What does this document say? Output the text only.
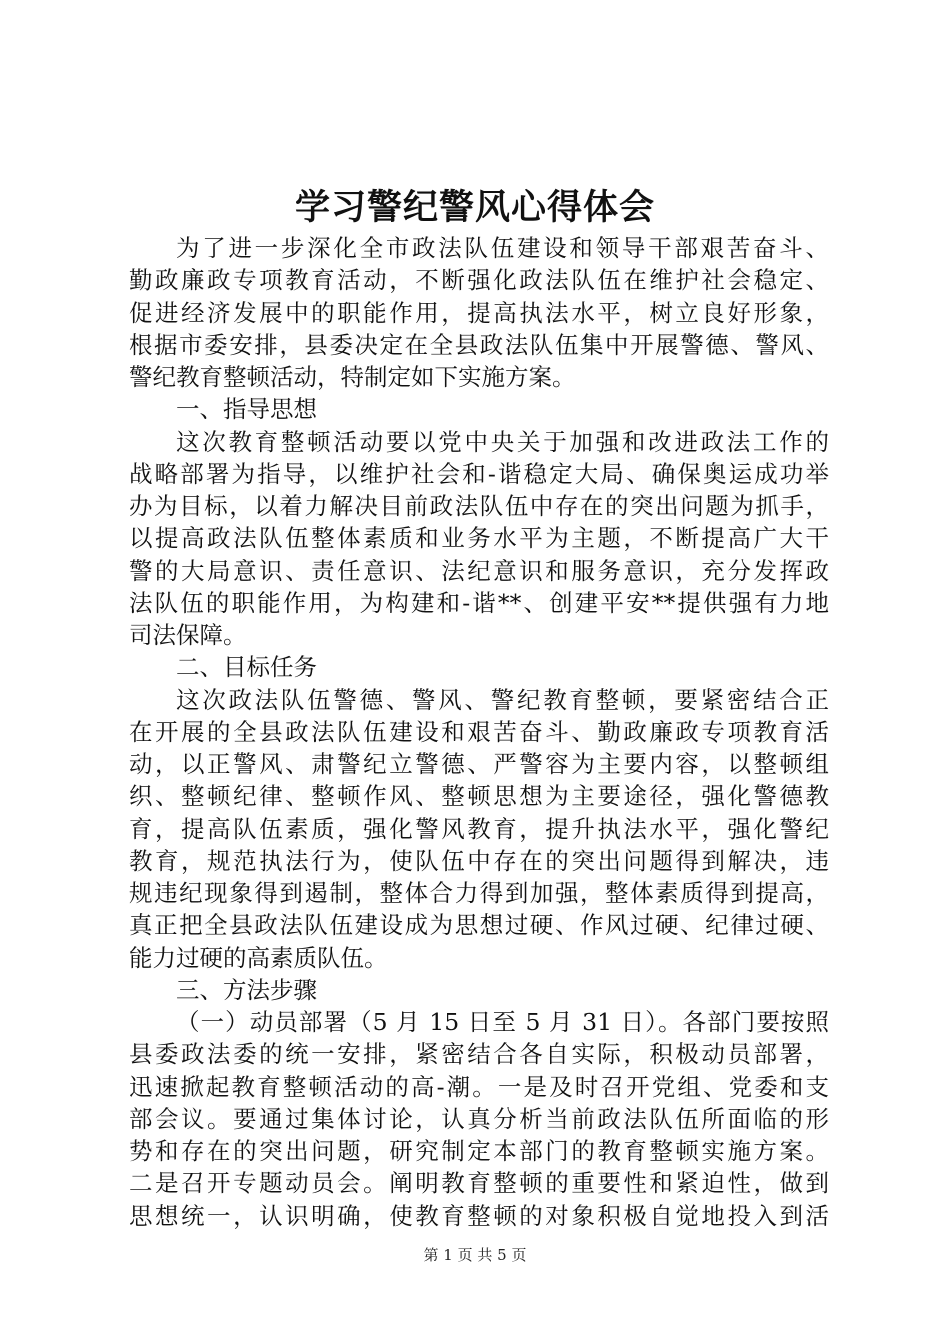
学习警纪警风心得体会
为了进一步深化全市政法队伍建设和领导干部艰苦奋斗、
勤政廉政专项教育活动，不断强化政法队伍在维护社会稳定、
促进经济发展中的职能作用，提高执法水平，树立良好形象，
根据市委安排，县委决定在全县政法队伍集中开展警德、警风、
警纪教育整顿活动，特制定如下实施方案。
一、指导思想
这次教育整顿活动要以党中央关于加强和改进政法工作的
战略部署为指导，以维护社会和-谐稳定大局、确保奥运成功举
办为目标，以着力解决目前政法队伍中存在的突出问题为抓手，
以提高政法队伍整体素质和业务水平为主题，不断提高广大干
警的大局意识、责任意识、法纪意识和服务意识，充分发挥政
法队伍的职能作用，为构建和-谐**、创建平安**提供强有力地
司法保障。
二、目标任务
这次政法队伍警德、警风、警纪教育整顿，要紧密结合正
在开展的全县政法队伍建设和艰苦奋斗、勤政廉政专项教育活
动，以正警风、肃警纪立警德、严警容为主要内容，以整顿组
织、整顿纪律、整顿作风、整顿思想为主要途径，强化警德教
育，提高队伍素质，强化警风教育，提升执法水平，强化警纪
教育，规范执法行为，使队伍中存在的突出问题得到解决，违
规违纪现象得到遏制，整体合力得到加强，整体素质得到提高，
真正把全县政法队伍建设成为思想过硬、作风过硬、纪律过硬、
能力过硬的高素质队伍。
三、方法步骤
（一）动员部署（5 月 15 日至 5 月 31 日）。各部门要按照
县委政法委的统一安排，紧密结合各自实际，积极动员部署，
迅速掀起教育整顿活动的高-潮。一是及时召开党组、党委和支
部会议。要通过集体讨论，认真分析当前政法队伍所面临的形
势和存在的突出问题，研究制定本部门的教育整顿实施方案。
二是召开专题动员会。阐明教育整顿的重要性和紧迫性，做到
思想统一，认识明确，使教育整顿的对象积极自觉地投入到活
第 1 页 共 5 页
